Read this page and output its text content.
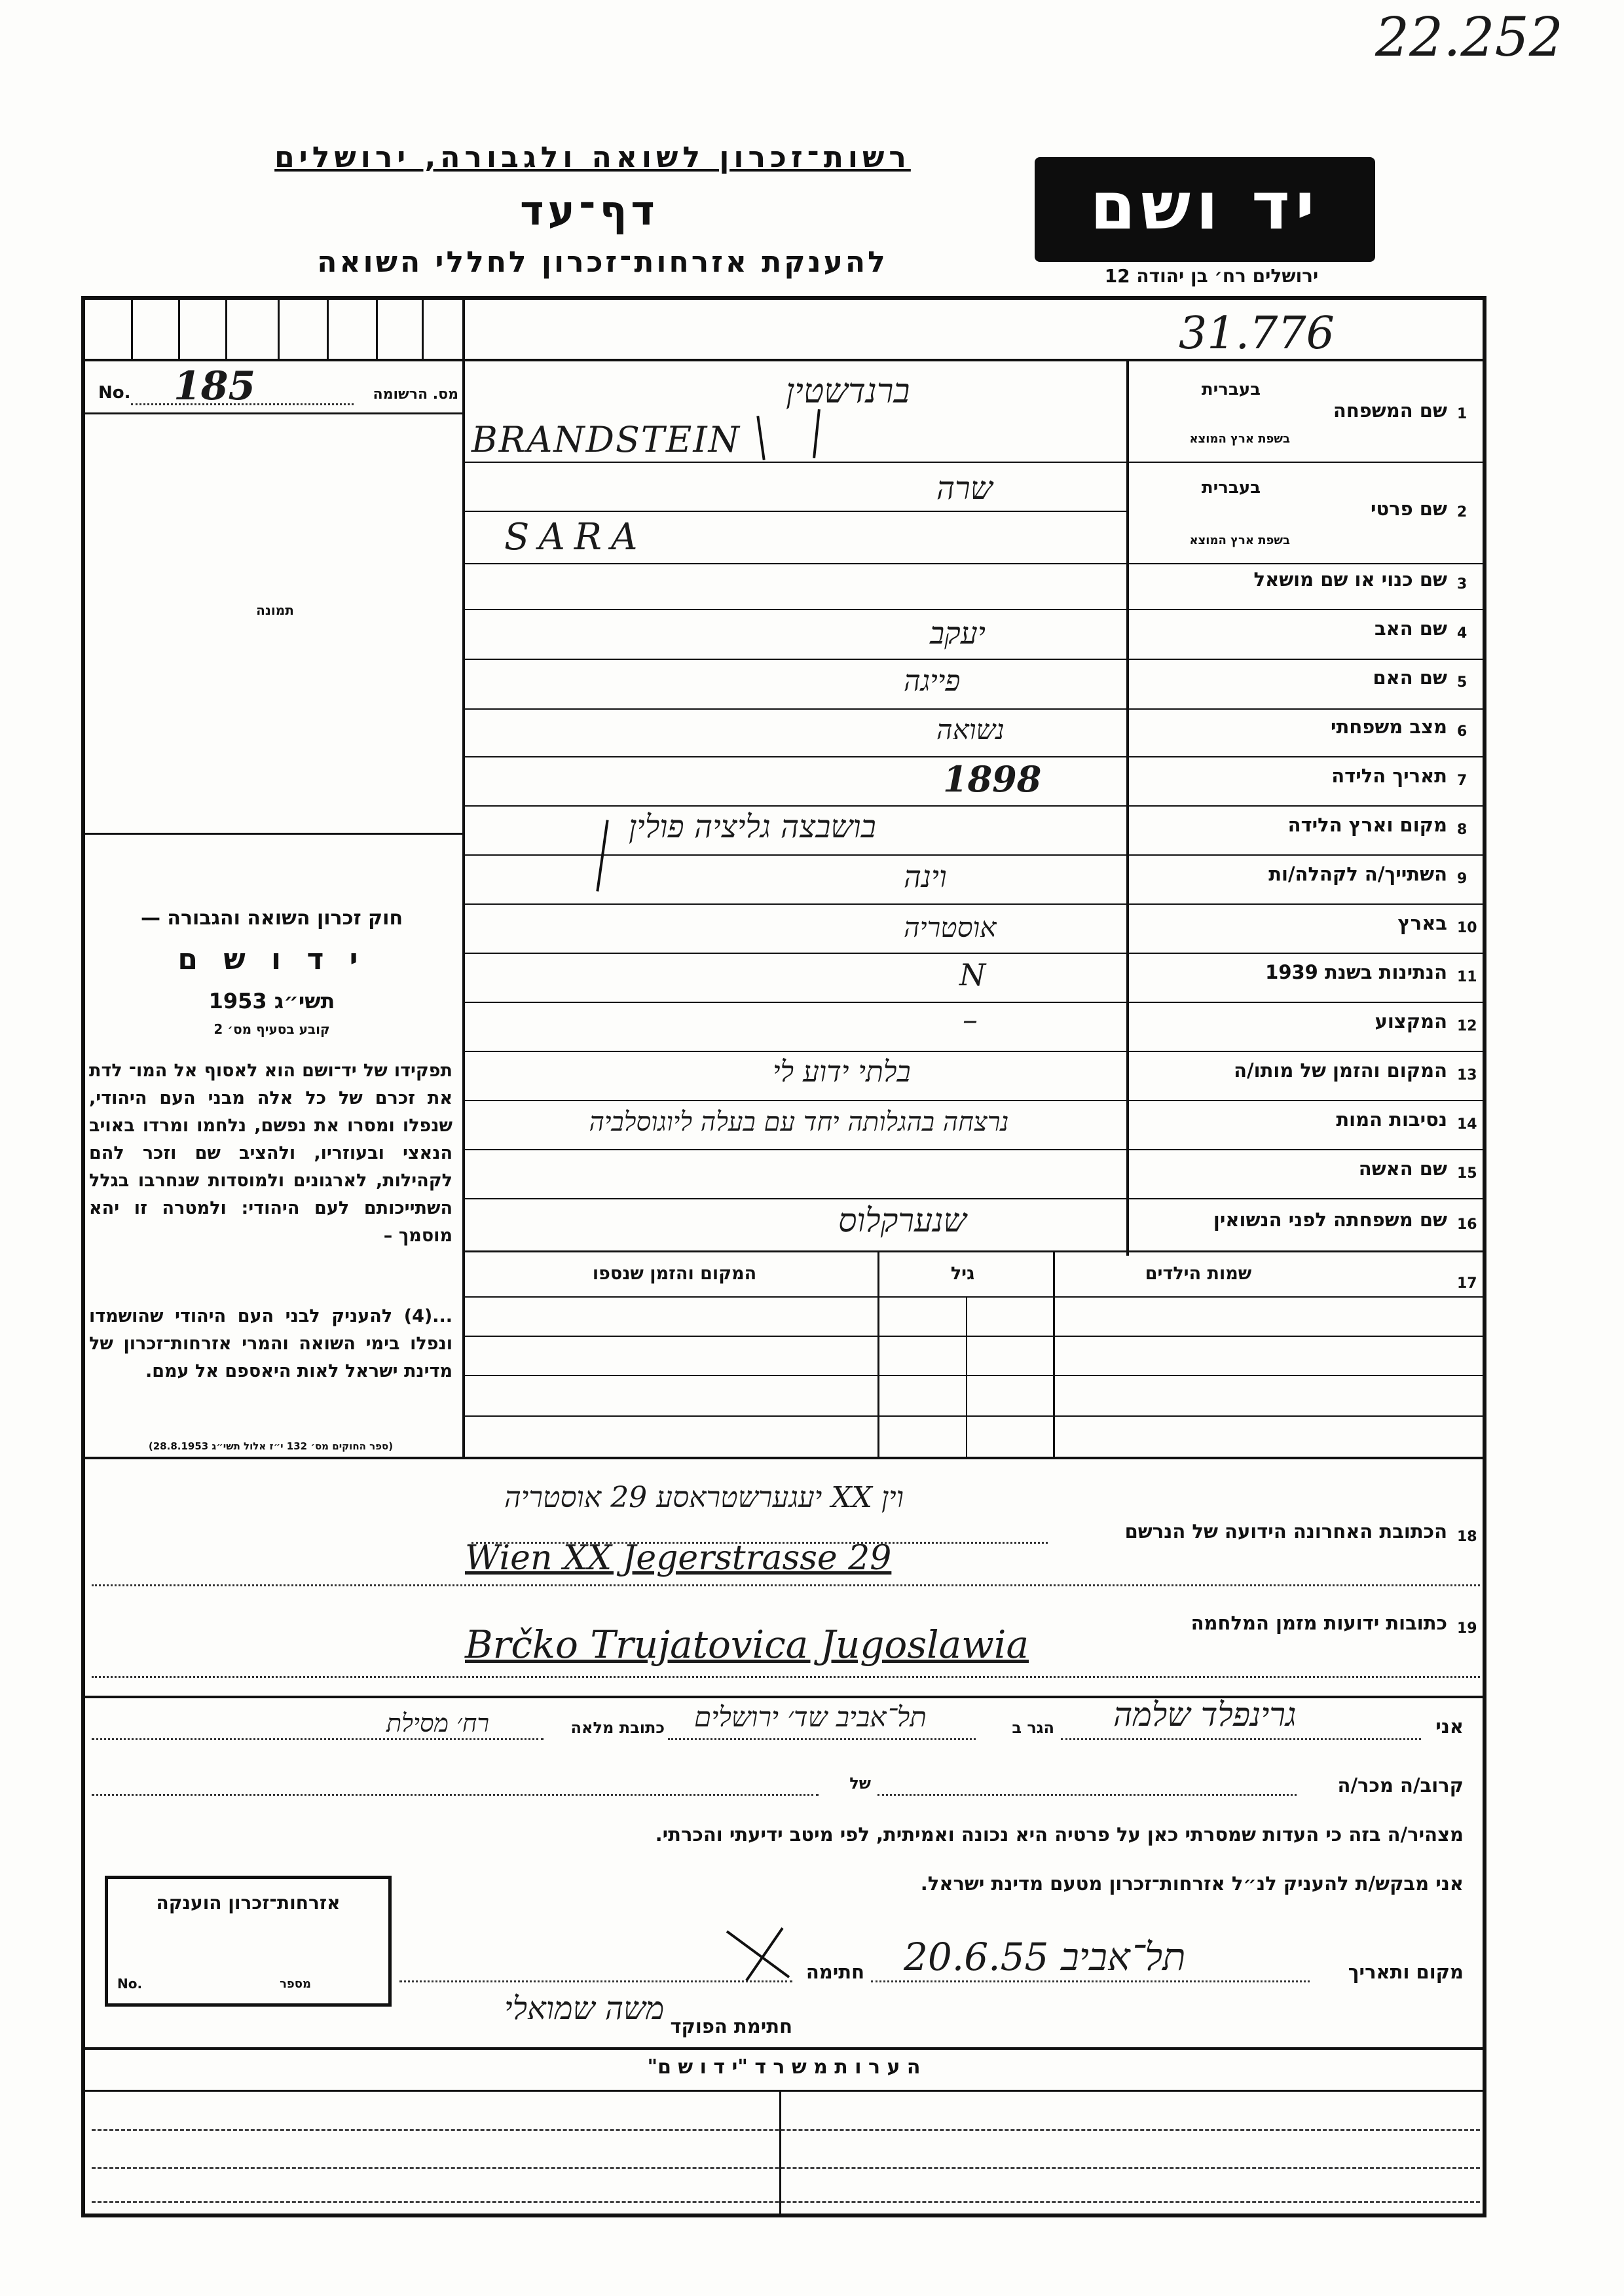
22.252
רשות־זכרון לשואה ולגבורה, ירושלים
דף־עד
להענקת אזרחות־זכרון לחללי השואה
יד ושם
ירושלים רח׳ בן יהודה 12
31.776
No. 185	מס. הרשומה
תמונה
חוק זכרון השואה והגבורה —
י ד ו ש ם
תשי״ג 1953
קובע בסעיף מס׳ 2
תפקידו של יד־ושם הוא לאסוף אל המו־ לדת את זכרם של כל אלה מבני העם היהודי, שנפלו ומסרו את נפשם, נלחמו ומרדו באויב הנאצי ובעוזריו, ולהציב שם וזכר להם לקהילות, לארגונים ולמוסדות שנחרבו בגלל השתייכותם לעם היהודי: ולמטרה זו יהא מוסמך –
...(4) להעניק לבני העם היהודי שהושמדו ונפלו בימי השואה והמרי אזרחות־זכרון של מדינת ישראל לאות היאספם אל עמם.
(ספר החוקים מס׳ 132 י״ז אלול תשי״ג 28.8.1953)
1
שם המשפחה
בעברית
בשפת ארץ המוצא
ברנדשטין
BRANDSTEIN
2
שם פרטי
בעברית
בשפת ארץ המוצא
שרה
SARA
3
שם כנוי או שם מושאל
4
שם האב
יעקב
5
שם האם
פייגה
6
מצב משפחתי
נשואה
7
תאריך הלידה
1898
8
מקום וארץ הלידה
בושבצה גליציה פולין
9
השתייך/ה לקהלה/ות
וינה
10
בארץ
אוסטריה
11
הנתינות בשנת 1939
N
12
המקצוע
–
13
המקום והזמן של מותו/ה
בלתי ידוע לי
14
נסיבות המות
נרצחה בהגלותה יחד עם בעלה ליוגוסלביה
15
שם האשה
16
שם משפחתה לפני הנשואין
שנערקלוס
17
שמות הילדים
גיל
המקום והזמן שנספו
18
הכתובת האחרונה הידועה של הנרשם
וין XX יעגערשטראסע 29 אוסטריה
Wien XX Jegerstrasse 29
19
כתובות ידועות מזמן המלחמה
Brčko Trujatovica Jugoslawia
אני
גרינפלד שלמה
הגר ב
תל־אביב שד׳ ירושלים
כתובת מלאה
רח׳ מסילת
קרוב/ה מכר/ה
של
מצהיר/ה בזה כי העדות שמסרתי כאן על פרטיה היא נכונה ואמיתית, לפי מיטב ידיעתי והכרתי.
אני מבקש/ת להעניק לנ״ל אזרחות־זכרון מטעם מדינת ישראל.
מקום ותאריך
תל־אביב 20.6.55
חתימה
חתימת הפוקד
משה שמואלי
אזרחות־זכרון הוענקה
No.	מספר
ה ע ר ו ת מ ש ר ד "י ד ו ש ם"
